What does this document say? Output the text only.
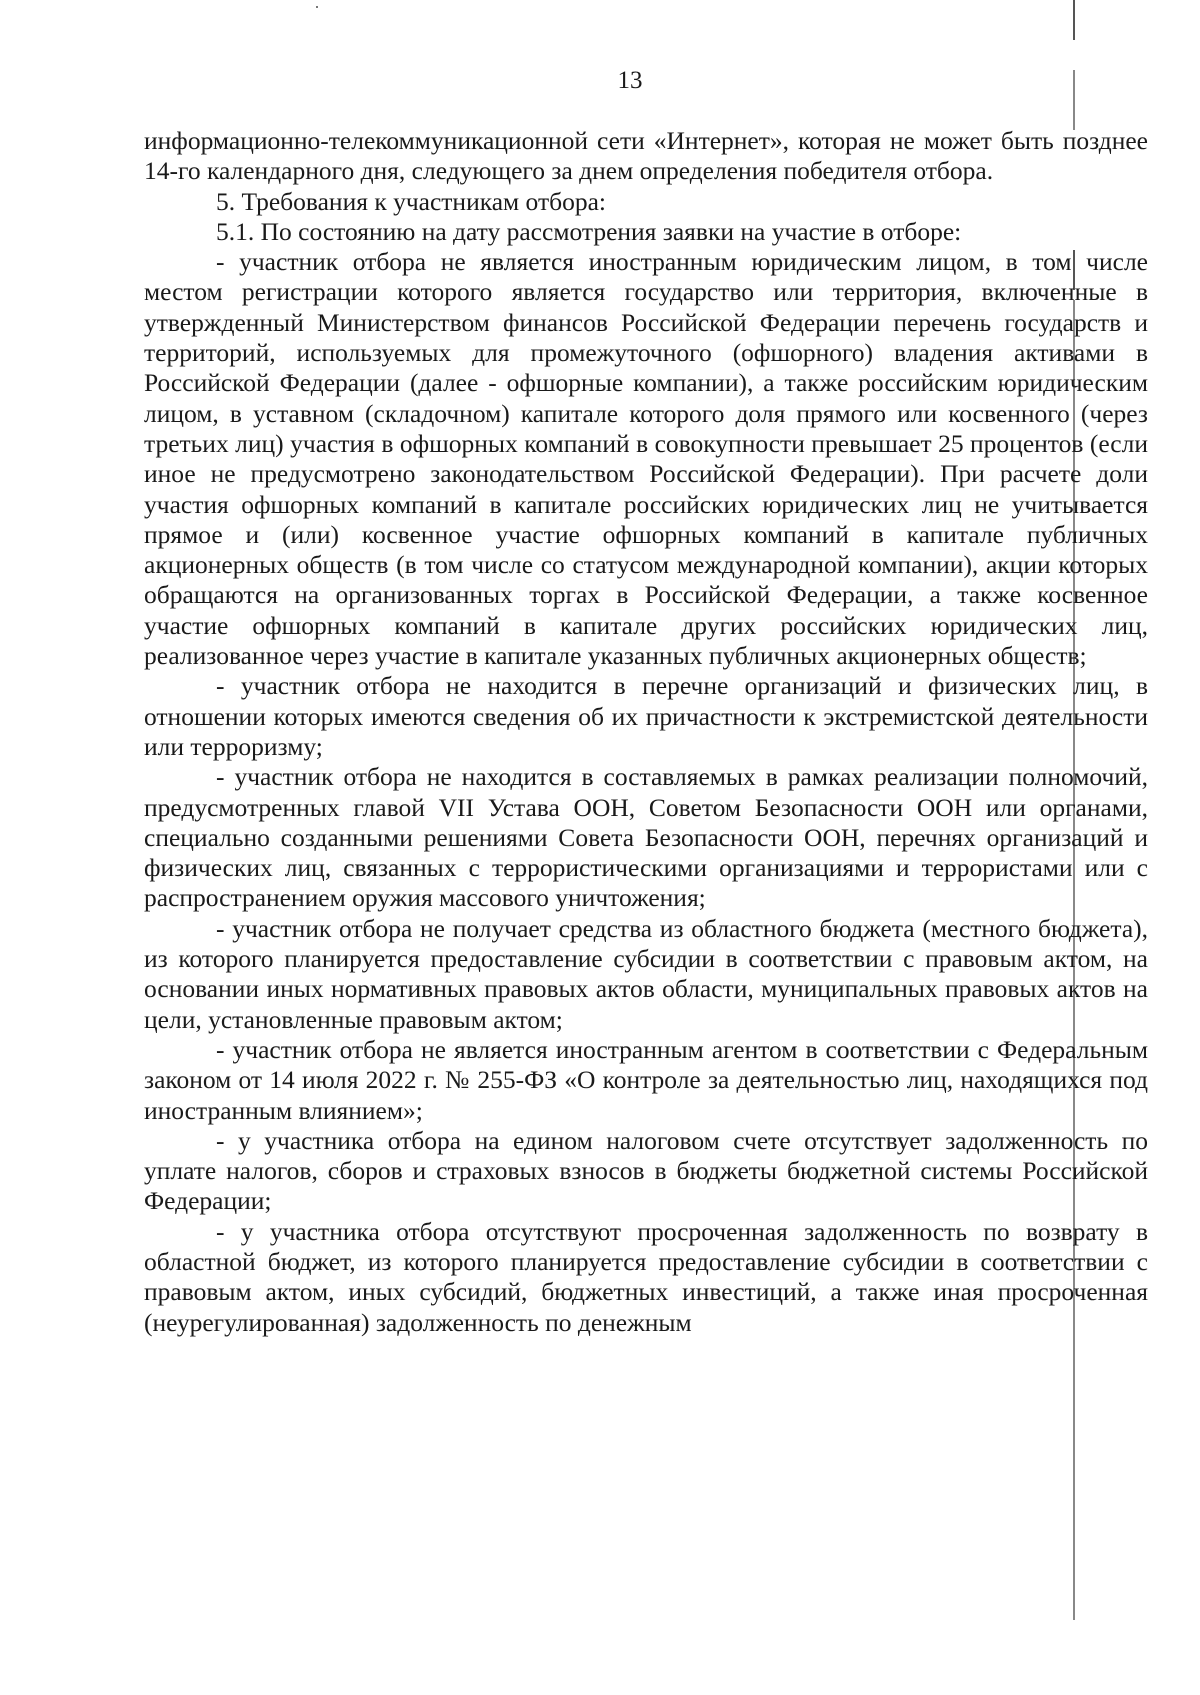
13

информационно-телекоммуникационной сети «Интернет», которая не может быть позднее 14-го календарного дня, следующего за днем определения победителя отбора.

5. Требования к участникам отбора:

5.1. По состоянию на дату рассмотрения заявки на участие в отборе:

- участник отбора не является иностранным юридическим лицом, в том числе местом регистрации которого является государство или территория, включенные в утвержденный Министерством финансов Российской Федерации перечень государств и территорий, используемых для промежуточного (офшорного) владения активами в Российской Федерации (далее - офшорные компании), а также российским юридическим лицом, в уставном (складочном) капитале которого доля прямого или косвенного (через третьих лиц) участия в офшорных компаний в совокупности превышает 25 процентов (если иное не предусмотрено законодательством Российской Федерации). При расчете доли участия офшорных компаний в капитале российских юридических лиц не учитывается прямое и (или) косвенное участие офшорных компаний в капитале публичных акционерных обществ (в том числе со статусом международной компании), акции которых обращаются на организованных торгах в Российской Федерации, а также косвенное участие офшорных компаний в капитале других российских юридических лиц, реализованное через участие в капитале указанных публичных акционерных обществ;

- участник отбора не находится в перечне организаций и физических лиц, в отношении которых имеются сведения об их причастности к экстремистской деятельности или терроризму;

- участник отбора не находится в составляемых в рамках реализации полномочий, предусмотренных главой VII Устава ООН, Советом Безопасности ООН или органами, специально созданными решениями Совета Безопасности ООН, перечнях организаций и физических лиц, связанных с террористическими организациями и террористами или с распространением оружия массового уничтожения;

- участник отбора не получает средства из областного бюджета (местного бюджета), из которого планируется предоставление субсидии в соответствии с правовым актом, на основании иных нормативных правовых актов области, муниципальных правовых актов на цели, установленные правовым актом;

- участник отбора не является иностранным агентом в соответствии с Федеральным законом от 14 июля 2022 г. № 255-ФЗ «О контроле за деятельностью лиц, находящихся под иностранным влиянием»;

- у участника отбора на едином налоговом счете отсутствует задолженность по уплате налогов, сборов и страховых взносов в бюджеты бюджетной системы Российской Федерации;

- у участника отбора отсутствуют просроченная задолженность по возврату в областной бюджет, из которого планируется предоставление субсидии в соответствии с правовым актом, иных субсидий, бюджетных инвестиций, а также иная просроченная (неурегулированная) задолженность по денежным
